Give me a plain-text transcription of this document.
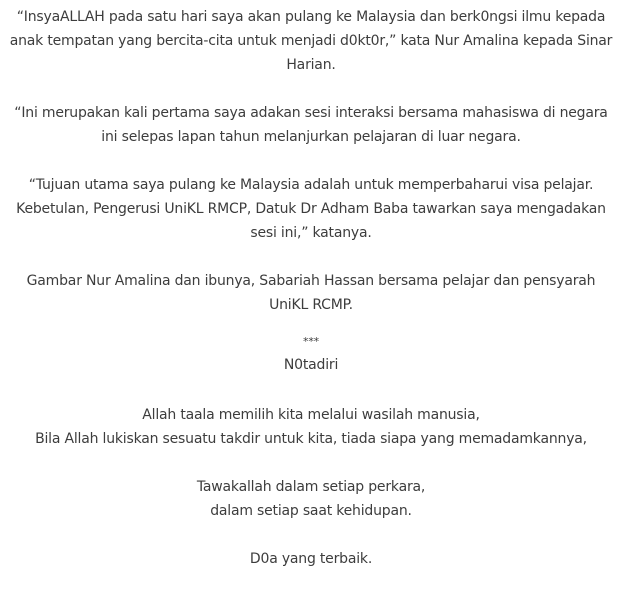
“InsyaALLAH pada satu hari saya akan pulang ke Malaysia dan berk0ngsi ilmu kepada
anak tempatan yang bercita-cita untuk menjadi d0kt0r,” kata Nur Amalina kepada Sinar
Harian.

“Ini merupakan kali pertama saya adakan sesi interaksi bersama mahasiswa di negara
ini selepas lapan tahun melanjurkan pelajaran di luar negara.

“Tujuan utama saya pulang ke Malaysia adalah untuk memperbaharui visa pelajar.
Kebetulan, Pengerusi UniKL RMCP, Datuk Dr Adham Baba tawarkan saya mengadakan
sesi ini,” katanya.

Gambar Nur Amalina dan ibunya, Sabariah Hassan bersama pelajar dan pensyarah
UniKL RCMP.

***
N0tadiri

Allah taala memilih kita melalui wasilah manusia,
Bila Allah lukiskan sesuatu takdir untuk kita, tiada siapa yang memadamkannya,

Tawakallah dalam setiap perkara,
dalam setiap saat kehidupan.

D0a yang terbaik.
